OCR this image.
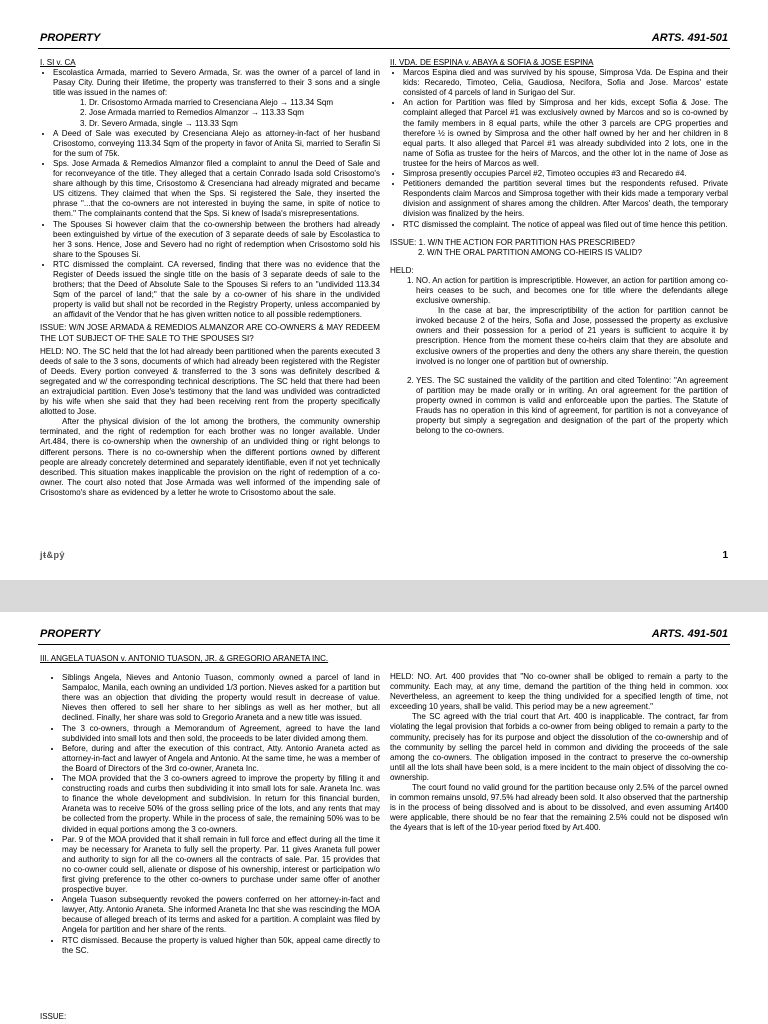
PROPERTY	ARTS. 491-501

I. SI v. CA

• Escolastica Armada, married to Severo Armada, Sr. was the owner of a parcel of land in Pasay City. During their lifetime, the property was transferred to their 3 sons and a single title was issued in the names of:
1. Dr. Crisostomo Armada married to Cresenciana Alejo → 113.34 Sqm
2. Jose Armada married to Remedios Almanzor → 113.33 Sqm
3. Dr. Severo Armada, single → 113.33 Sqm
• A Deed of Sale was executed by Cresenciana Alejo as attorney-in-fact of her husband Crisostomo, conveying 113.34 Sqm of the property in favor of Anita Si, married to Serafin Si for the sum of 75k.
• Sps. Jose Armada & Remedios Almanzor filed a complaint to annul the Deed of Sale and for reconveyance of the title. They alleged that a certain Conrado Isada sold Crisostomo's share although by this time, Crisostomo & Cresenciana had already migrated and became US citizens. They claimed that when the Sps. Si registered the Sale, they inserted the phrase "...that the co-owners are not interested in buying the same, in spite of notice to them." The complainants contend that the Sps. Si knew of Isada's misrepresentations.
• The Spouses Si however claim that the co-ownership between the brothers had already been extinguished by virtue of the execution of 3 separate deeds of sale by Escolastica to her 3 sons. Hence, Jose and Severo had no right of redemption when Crisostomo sold his share to the Spouses Si.
• RTC dismissed the complaint. CA reversed, finding that there was no evidence that the Register of Deeds issued the single title on the basis of 3 separate deeds of sale to the brothers; that the Deed of Absolute Sale to the Spouses Si refers to an "undivided 113.34 Sqm of the parcel of land;" that the sale by a co-owner of his share in the undivided property is valid but shall not be recorded in the Registry Property, unless accompanied by an affidavit of the Vendor that he has given written notice to all possible redemptioners.

ISSUE: W/N JOSE ARMADA & REMEDIOS ALMANZOR ARE CO-OWNERS & MAY REDEEM THE LOT SUBJECT OF THE SALE TO THE SPOUSES SI?

HELD: NO. The SC held that the lot had already been partitioned when the parents executed 3 deeds of sale to the 3 sons, documents of which had already been registered with the Register of Deeds. Every portion conveyed & transferred to the 3 sons was definitely described & segregated and w/ the corresponding technical descriptions. The SC held that there had been an extrajudicial partition. Even Jose's testimony that the land was undivided was contradicted by his wife when she said that they had been receiving rent from the property specifically allotted to Jose.

After the physical division of the lot among the brothers, the community ownership terminated, and the right of redemption for each brother was no longer available. Under Art.484, there is co-ownership when the ownership of an undivided thing or right belongs to different persons. There is no co-ownership when the different portions owned by different people are already concretely determined and separately identifiable, even if not yet technically described. This situation makes inapplicable the provision on the right of redemption of a co-owner. The court also noted that Jose Armada was well informed of the impending sale of Crisostomo's share as evidenced by a letter he wrote to Crisostomo about the sale.

II. VDA. DE ESPINA v. ABAYA & SOFIA & JOSE ESPINA

• Marcos Espina died and was survived by his spouse, Simprosa Vda. De Espina and their kids: Recaredo, Timoteo, Celia, Gaudiosa, Necifora, Sofia and Jose. Marcos' estate consisted of 4 parcels of land in Surigao del Sur.
• An action for Partition was filed by Simprosa and her kids, except Sofia & Jose. The complaint alleged that Parcel #1 was exclusively owned by Marcos and so is co-owned by the family members in 8 equal parts, while the other 3 parcels are CPG properties and therefore ½ is owned by Simprosa and the other half owned by her and her children in 8 equal parts. It also alleged that Parcel #1 was already subdivided into 2 lots, one in the name of Sofia as trustee for the heirs of Marcos, and the other lot in the name of Jose as trustee for the heirs of Marcos as well.
• Simprosa presently occupies Parcel #2, Timoteo occupies #3 and Recaredo #4.
• Petitioners demanded the partition several times but the respondents refused. Private Respondents claim Marcos and Simprosa together with their kids made a temporary verbal division and assignment of shares among the children. After Marcos' death, the temporary division was finalized by the heirs.
• RTC dismissed the complaint. The notice of appeal was filed out of time hence this petition.

ISSUE: 1. W/N THE ACTION FOR PARTITION HAS PRESCRIBED?

2. W/N THE ORAL PARTITION AMONG CO-HEIRS IS VALID?

HELD:

1. NO. An action for partition is imprescriptible. However, an action for partition among co-heirs ceases to be such, and becomes one for title where the defendants allege exclusive ownership.

In the case at bar, the imprescriptibility of the action for partition cannot be invoked because 2 of the heirs, Sofia and Jose, possessed the property as exclusive owners and their possession for a period of 21 years is sufficient to acquire it by prescription. Hence from the moment these co-heirs claim that they are absolute and exclusive owners of the properties and deny the others any share therein, the question involved is no longer one of partition but of ownership.

2. YES. The SC sustained the validity of the partition and cited Tolentino: "An agreement of partition may be made orally or in writing. An oral agreement for the partition of property owned in common is valid and enforceable upon the parties. The Statute of Frauds has no operation in this kind of agreement, for partition is not a conveyance of property but simply a segregation and designation of the part of the property which belong to the co-owners.
jŧ&pŷ	1
PROPERTY	ARTS. 491-501

III. ANGELA TUASON v. ANTONIO TUASON, JR. & GREGORIO ARANETA INC.

• Siblings Angela, Nieves and Antonio Tuason, commonly owned a parcel of land in Sampaloc, Manila, each owning an undivided 1/3 portion. Nieves asked for a partition but there was an objection that dividing the property would result in decrease of value. Nieves then offered to sell her share to her siblings as well as her mother, but all declined. Finally, her share was sold to Gregorio Araneta and a new title was issued.
• The 3 co-owners, through a Memorandum of Agreement, agreed to have the land subdivided into small lots and then sold, the proceeds to be later divided among them.
• Before, during and after the execution of this contract, Atty. Antonio Araneta acted as attorney-in-fact and lawyer of Angela and Antonio. At the same time, he was a member of the Board of Directors of the 3rd co-owner, Araneta Inc.
• The MOA provided that the 3 co-owners agreed to improve the property by filling it and constructing roads and curbs then subdividing it into small lots for sale. Araneta Inc. was to finance the whole development and subdivision. In return for this financial burden, Araneta was to receive 50% of the gross selling price of the lots, and any rents that may be collected from the property. While in the process of sale, the remaining 50% was to be divided in equal portions among the 3 co-owners.
• Par. 9 of the MOA provided that it shall remain in full force and effect during all the time it may be necessary for Araneta to fully sell the property. Par. 11 gives Araneta full power and authority to sign for all the co-owners all the contracts of sale. Par. 15 provides that no co-owner could sell, alienate or dispose of his ownership, interest or participation w/o first giving preference to the other co-owners to purchase under same offer of another prospective buyer.
• Angela Tuason subsequently revoked the powers conferred on her attorney-in-fact and lawyer, Atty. Antonio Araneta. She informed Araneta Inc that she was rescinding the MOA because of alleged breach of its terms and asked for a partition. A complaint was filed by Angela for partition and her share of the rents.
• RTC dismissed. Because the property is valued higher than 50k, appeal came directly to the SC.

HELD: NO. Art. 400 provides that "No co-owner shall be obliged to remain a party to the community. Each may, at any time, demand the partition of the thing held in common. xxx Nevertheless, an agreement to keep the thing undivided for a specified length of time, not exceeding 10 years, shall be valid. This period may be a new agreement."

The SC agreed with the trial court that Art. 400 is inapplicable. The contract, far from violating the legal provision that forbids a co-owner from being obliged to remain a party to the community, precisely has for its purpose and object the dissolution of the co-ownership and of the community by selling the parcel held in common and dividing the proceeds of the sale among the co-owners. The obligation imposed in the contract to preserve the co-ownership until all the lots shall have been sold, is a mere incident to the main object of dissolving the co-ownership.

The court found no valid ground for the partition because only 2.5% of the parcel owned in common remains unsold, 97.5% had already been sold. It also observed that the partnership is in the process of being dissolved and is about to be dissolved, and even assuming Art400 were applicable, there should be no fear that the remaining 2.5% could not be disposed w/in the 4years that is left of the 10-year period fixed by Art.400.

ISSUE:
